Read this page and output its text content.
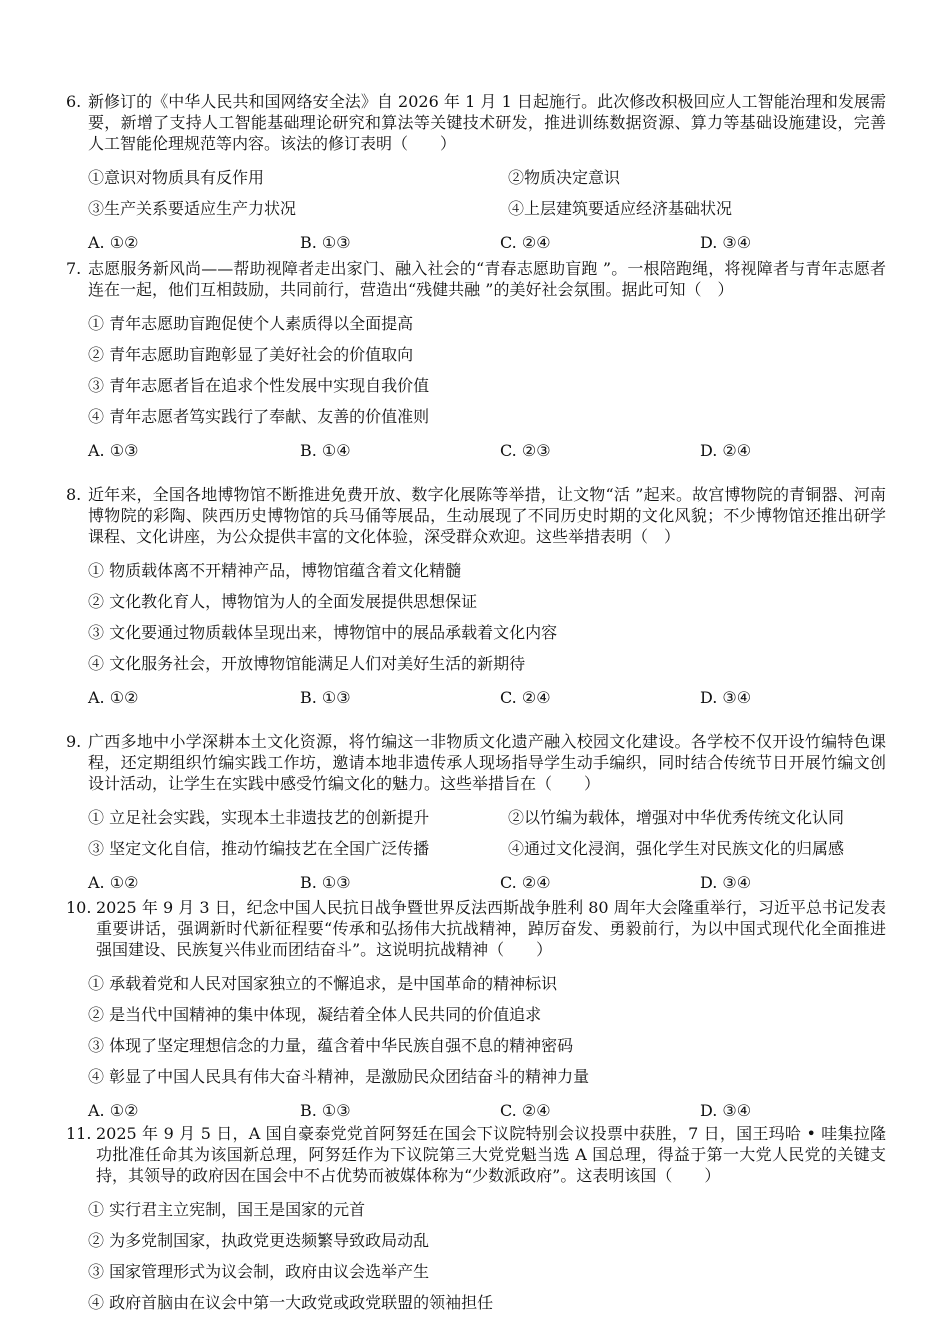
6. 新修订的《中华人民共和国网络安全法》自 2026 年 1 月 1 日起施行。此次修改积极回应人工智能治理和发展需要，新增了支持人工智能基础理论研究和算法等关键技术研发，推进训练数据资源、算力等基础设施建设，完善人工智能伦理规范等内容。该法的修订表明（　　）
①意识对物质具有反作用	②物质决定意识
③生产关系要适应生产力状况	④上层建筑要适应经济基础状况
A. ①②	B. ①③	C. ②④	D. ③④
7. 志愿服务新风尚——帮助视障者走出家门、融入社会的“青春志愿助盲跑 ”。一根陪跑绳，将视障者与青年志愿者连在一起，他们互相鼓励，共同前行，营造出“残健共融 ”的美好社会氛围。据此可知（　）
① 青年志愿助盲跑促使个人素质得以全面提高
② 青年志愿助盲跑彰显了美好社会的价值取向
③ 青年志愿者旨在追求个性发展中实现自我价值
④ 青年志愿者笃实践行了奉献、友善的价值准则
A. ①③	B. ①④	C. ②③	D. ②④
8. 近年来，全国各地博物馆不断推进免费开放、数字化展陈等举措，让文物“活 ”起来。故宫博物院的青铜器、河南博物院的彩陶、陕西历史博物馆的兵马俑等展品，生动展现了不同历史时期的文化风貌；不少博物馆还推出研学课程、文化讲座，为公众提供丰富的文化体验，深受群众欢迎。这些举措表明（　）
① 物质载体离不开精神产品，博物馆蕴含着文化精髓
② 文化教化育人，博物馆为人的全面发展提供思想保证
③ 文化要通过物质载体呈现出来，博物馆中的展品承载着文化内容
④ 文化服务社会，开放博物馆能满足人们对美好生活的新期待
A. ①②	B. ①③	C. ②④	D. ③④
9. 广西多地中小学深耕本土文化资源，将竹编这一非物质文化遗产融入校园文化建设。各学校不仅开设竹编特色课程，还定期组织竹编实践工作坊，邀请本地非遗传承人现场指导学生动手编织，同时结合传统节日开展竹编文创设计活动，让学生在实践中感受竹编文化的魅力。这些举措旨在（　　）
① 立足社会实践，实现本土非遗技艺的创新提升	②以竹编为载体，增强对中华优秀传统文化认同
③ 坚定文化自信，推动竹编技艺在全国广泛传播	④通过文化浸润，强化学生对民族文化的归属感
A. ①②	B. ①③	C. ②④	D. ③④
10. 2025 年 9 月 3 日，纪念中国人民抗日战争暨世界反法西斯战争胜利 80 周年大会隆重举行，习近平总书记发表重要讲话，强调新时代新征程要“传承和弘扬伟大抗战精神，踔厉奋发、勇毅前行，为以中国式现代化全面推进强国建设、民族复兴伟业而团结奋斗”。这说明抗战精神（　　）
① 承载着党和人民对国家独立的不懈追求，是中国革命的精神标识
② 是当代中国精神的集中体现，凝结着全体人民共同的价值追求
③ 体现了坚定理想信念的力量，蕴含着中华民族自强不息的精神密码
④ 彰显了中国人民具有伟大奋斗精神，是激励民众团结奋斗的精神力量
A. ①②	B. ①③	C. ②④	D. ③④
11. 2025 年 9 月 5 日，A 国自豪泰党党首阿努廷在国会下议院特别会议投票中获胜，7 日，国王玛哈 • 哇集拉隆功批准任命其为该国新总理，阿努廷作为下议院第三大党党魁当选 A 国总理，得益于第一大党人民党的关键支持，其领导的政府因在国会中不占优势而被媒体称为“少数派政府”。这表明该国（　　）
① 实行君主立宪制，国王是国家的元首
② 为多党制国家，执政党更迭频繁导致政局动乱
③ 国家管理形式为议会制，政府由议会选举产生
④ 政府首脑由在议会中第一大政党或政党联盟的领袖担任
